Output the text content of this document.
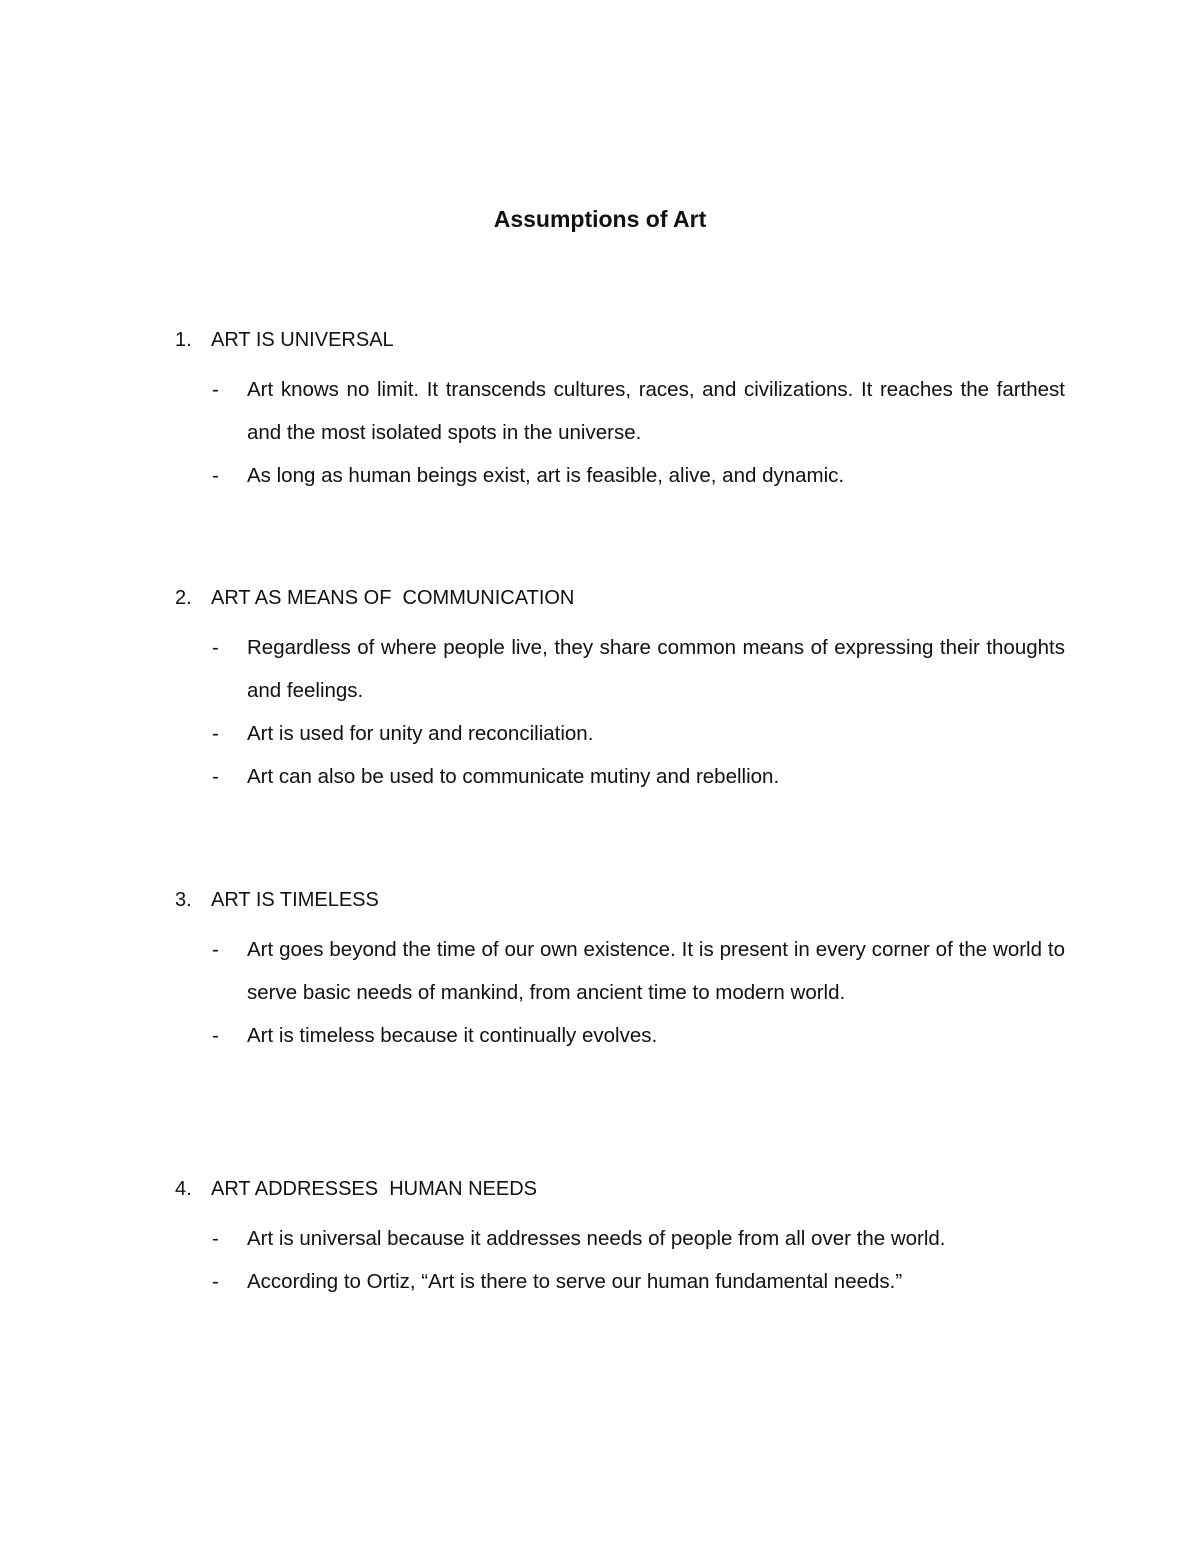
Assumptions of Art
1. ART IS UNIVERSAL
- Art knows no limit. It transcends cultures, races, and civilizations. It reaches the farthest and the most isolated spots in the universe.
- As long as human beings exist, art is feasible, alive, and dynamic.
2. ART AS MEANS OF  COMMUNICATION
- Regardless of where people live, they share common means of expressing their thoughts and feelings.
- Art is used for unity and reconciliation.
- Art can also be used to communicate mutiny and rebellion.
3. ART IS TIMELESS
- Art goes beyond the time of our own existence. It is present in every corner of the world to serve basic needs of mankind, from ancient time to modern world.
- Art is timeless because it continually evolves.
4. ART ADDRESSES  HUMAN NEEDS
- Art is universal because it addresses needs of people from all over the world.
- According to Ortiz, “Art is there to serve our human fundamental needs.”
